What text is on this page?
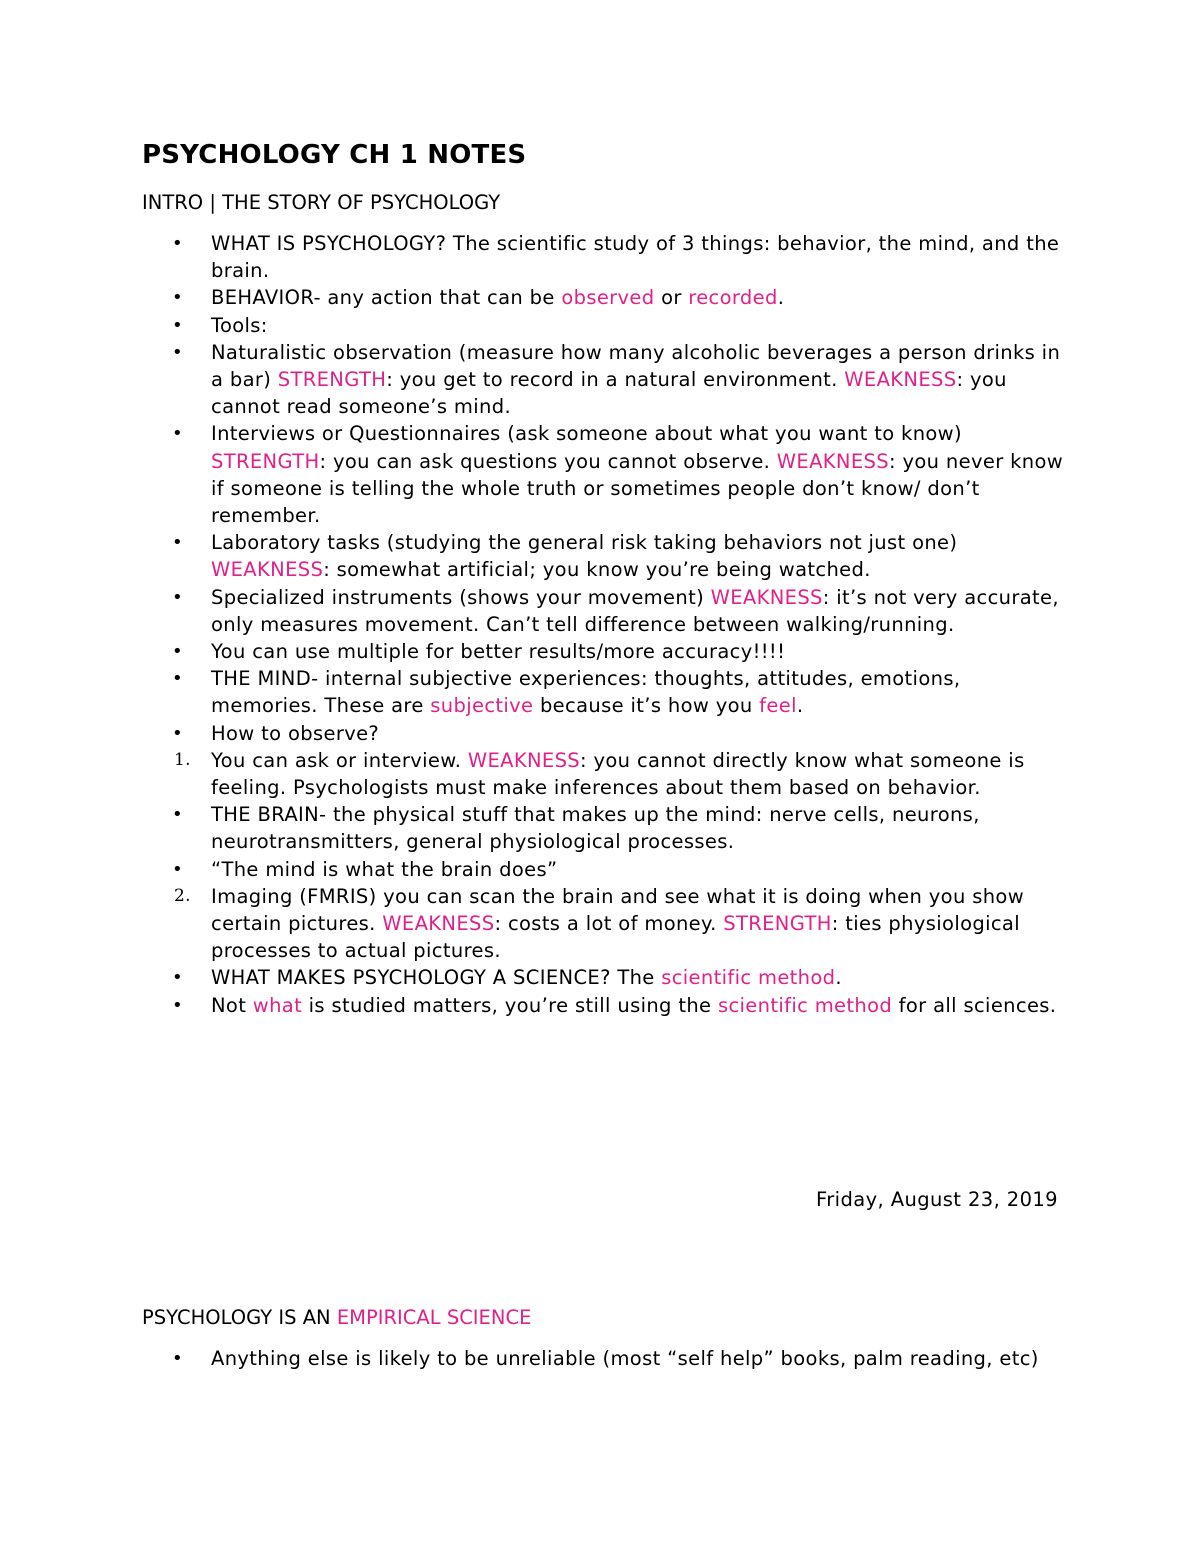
PSYCHOLOGY CH 1 NOTES
INTRO | THE STORY OF PSYCHOLOGY
•	WHAT IS PSYCHOLOGY? The scientific study of 3 things: behavior, the mind, and the brain.
•	BEHAVIOR- any action that can be observed or recorded.
•	Tools:
•	Naturalistic observation (measure how many alcoholic beverages a person drinks in a bar) STRENGTH: you get to record in a natural environment. WEAKNESS: you cannot read someone’s mind.
•	Interviews or Questionnaires (ask someone about what you want to know) STRENGTH: you can ask questions you cannot observe. WEAKNESS: you never know if someone is telling the whole truth or sometimes people don’t know/ don’t remember.
•	Laboratory tasks (studying the general risk taking behaviors not just one) WEAKNESS: somewhat artificial; you know you’re being watched.
•	Specialized instruments (shows your movement) WEAKNESS: it’s not very accurate, only measures movement. Can’t tell difference between walking/running.
•	You can use multiple for better results/more accuracy!!!!
•	THE MIND- internal subjective experiences: thoughts, attitudes, emotions, memories. These are subjective because it’s how you feel.
•	How to observe?
1.	You can ask or interview. WEAKNESS: you cannot directly know what someone is feeling. Psychologists must make inferences about them based on behavior.
•	THE BRAIN- the physical stuff that makes up the mind: nerve cells, neurons, neurotransmitters, general physiological processes.
•	“The mind is what the brain does”
2.	Imaging (FMRIS) you can scan the brain and see what it is doing when you show certain pictures. WEAKNESS: costs a lot of money. STRENGTH: ties physiological processes to actual pictures.
•	WHAT MAKES PSYCHOLOGY A SCIENCE? The scientific method.
•	Not what is studied matters, you’re still using the scientific method for all sciences.
Friday, August 23, 2019
PSYCHOLOGY IS AN EMPIRICAL SCIENCE
•	Anything else is likely to be unreliable (most “self help” books, palm reading, etc)
